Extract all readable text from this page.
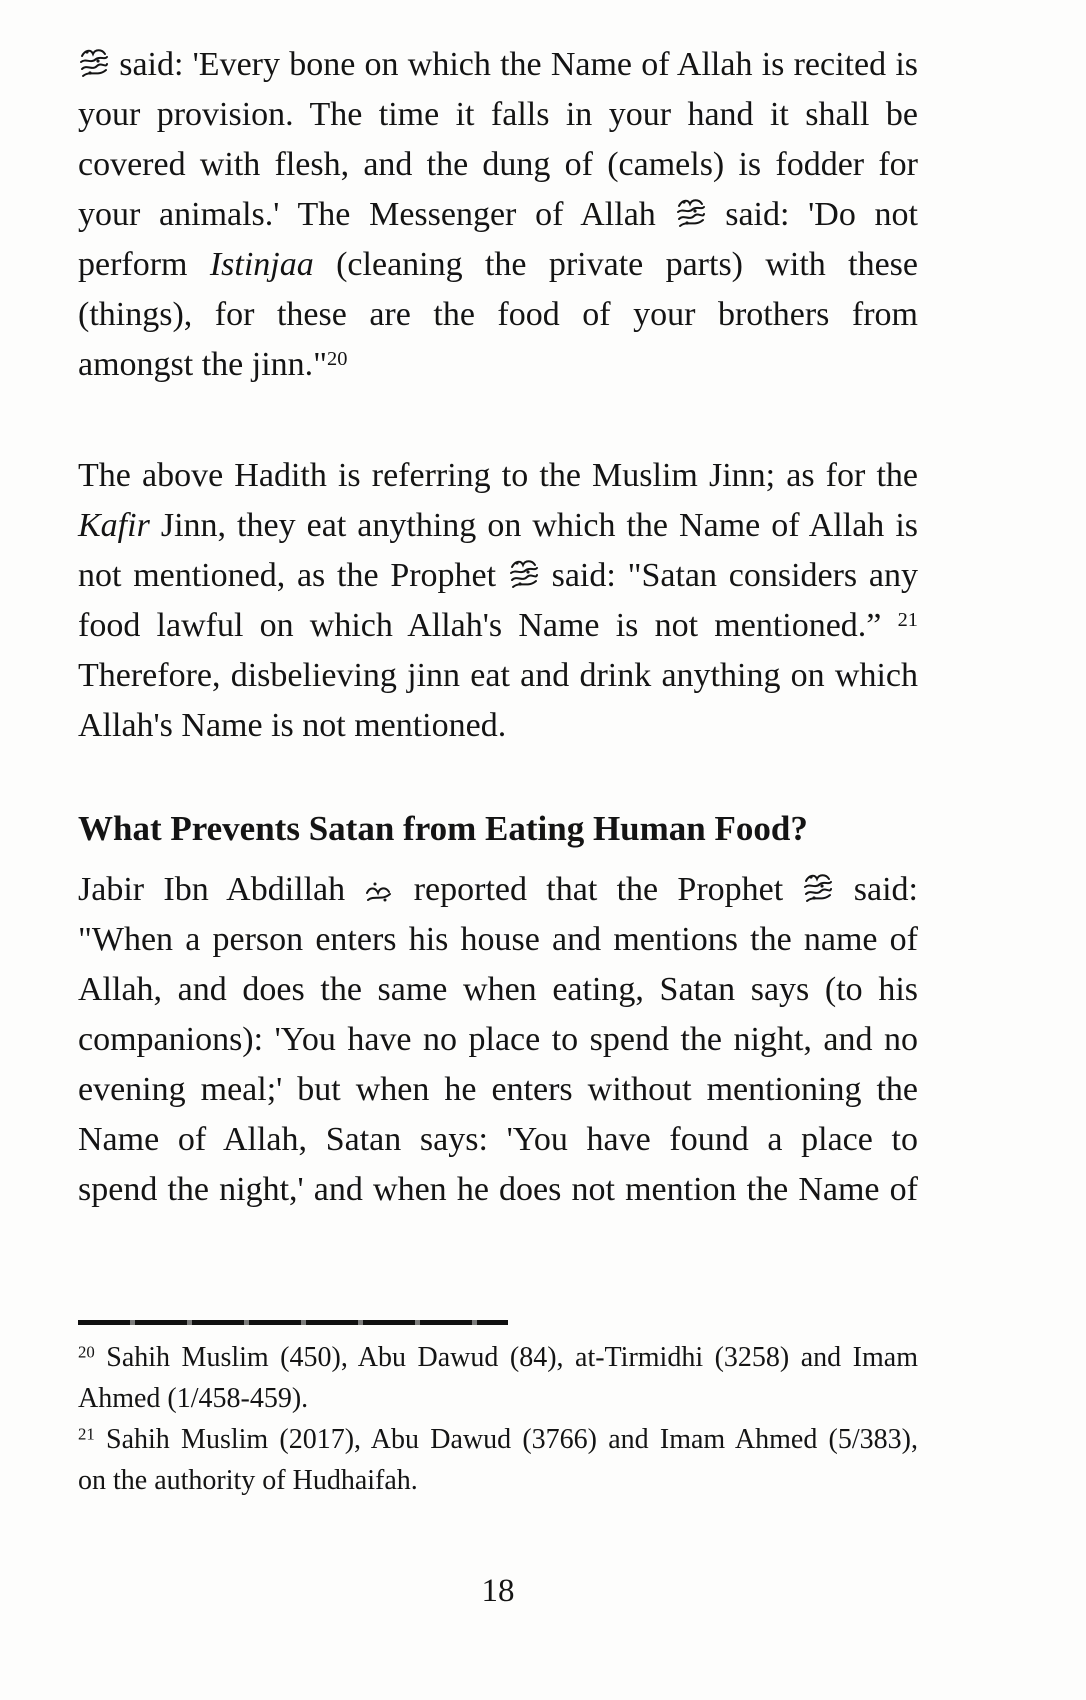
said: 'Every bone on which the Name of Allah is recited is
your provision. The time it falls in your hand it shall be
covered with flesh, and the dung of (camels) is fodder for
your animals.' The Messenger of Allah  said: 'Do not
perform Istinjaa (cleaning the private parts) with these
(things), for these are the food of your brothers from
amongst the jinn."$^{20}$
The above Hadith is referring to the Muslim Jinn; as for the
Kafir Jinn, they eat anything on which the Name of Allah is
not mentioned, as the Prophet  said: "Satan considers any
food lawful on which Allah's Name is not mentioned.” $^{21}$
Therefore, disbelieving jinn eat and drink anything on which
Allah's Name is not mentioned.
What Prevents Satan from Eating Human Food?
Jabir Ibn Abdillah  reported that the Prophet  said:
"When a person enters his house and mentions the name of
Allah, and does the same when eating, Satan says (to his
companions): 'You have no place to spend the night, and no
evening meal;' but when he enters without mentioning the
Name of Allah, Satan says: 'You have found a place to
spend the night,' and when he does not mention the Name of
$^{20}$ Sahih Muslim (450), Abu Dawud (84), at-Tirmidhi (3258) and Imam
Ahmed (1/458-459).
$^{21}$ Sahih Muslim (2017), Abu Dawud (3766) and Imam Ahmed (5/383),
on the authority of Hudhaifah.
18
